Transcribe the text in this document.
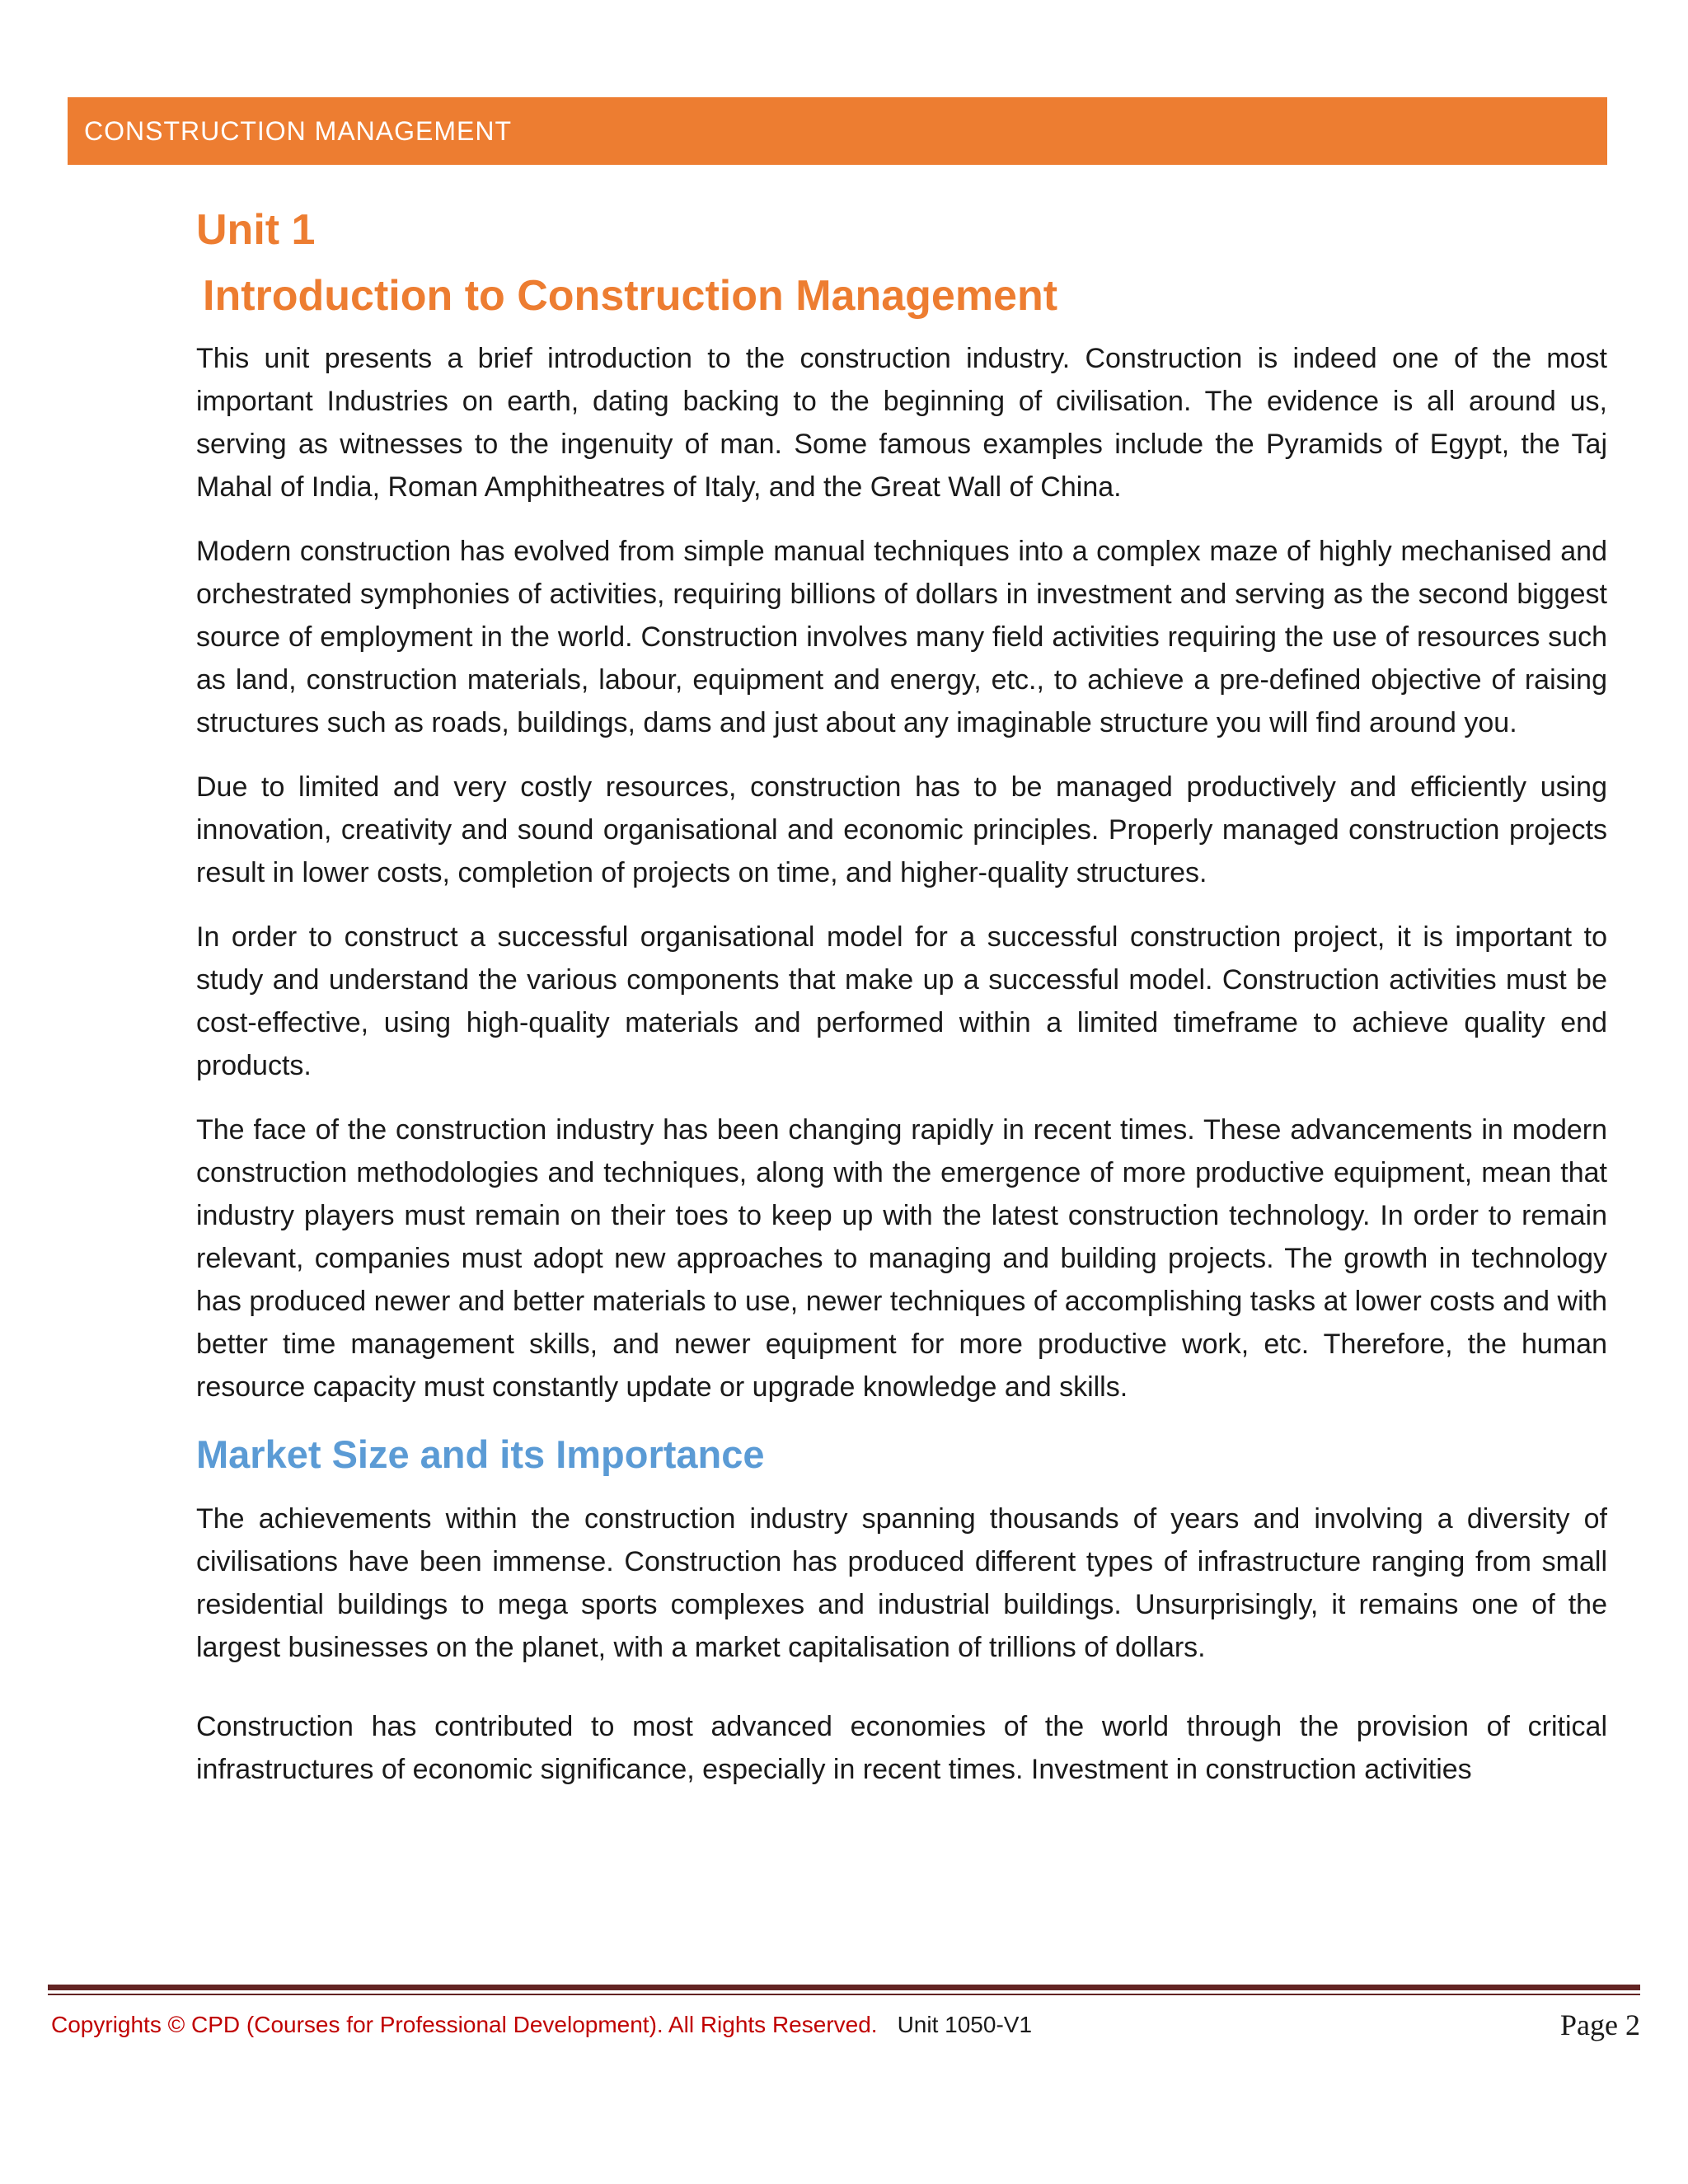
CONSTRUCTION MANAGEMENT
Unit 1
Introduction to Construction Management

This unit presents a brief introduction to the construction industry. Construction is indeed one of the most important Industries on earth, dating backing to the beginning of civilisation. The evidence is all around us, serving as witnesses to the ingenuity of man. Some famous examples include the Pyramids of Egypt, the Taj Mahal of India, Roman Amphitheatres of Italy, and the Great Wall of China.

Modern construction has evolved from simple manual techniques into a complex maze of highly mechanised and orchestrated symphonies of activities, requiring billions of dollars in investment and serving as the second biggest source of employment in the world. Construction involves many field activities requiring the use of resources such as land, construction materials, labour, equipment and energy, etc., to achieve a pre-defined objective of raising structures such as roads, buildings, dams and just about any imaginable structure you will find around you.

Due to limited and very costly resources, construction has to be managed productively and efficiently using innovation, creativity and sound organisational and economic principles. Properly managed construction projects result in lower costs, completion of projects on time, and higher-quality structures.

In order to construct a successful organisational model for a successful construction project, it is important to study and understand the various components that make up a successful model. Construction activities must be cost-effective, using high-quality materials and performed within a limited timeframe to achieve quality end products.

The face of the construction industry has been changing rapidly in recent times. These advancements in modern construction methodologies and techniques, along with the emergence of more productive equipment, mean that industry players must remain on their toes to keep up with the latest construction technology. In order to remain relevant, companies must adopt new approaches to managing and building projects. The growth in technology has produced newer and better materials to use, newer techniques of accomplishing tasks at lower costs and with better time management skills, and newer equipment for more productive work, etc. Therefore, the human resource capacity must constantly update or upgrade knowledge and skills.

Market Size and its Importance

The achievements within the construction industry spanning thousands of years and involving a diversity of civilisations have been immense. Construction has produced different types of infrastructure ranging from small residential buildings to mega sports complexes and industrial buildings. Unsurprisingly, it remains one of the largest businesses on the planet, with a market capitalisation of trillions of dollars.

Construction has contributed to most advanced economies of the world through the provision of critical infrastructures of economic significance, especially in recent times. Investment in construction activities

Copyrights © CPD (Courses for Professional Development). All Rights Reserved. Unit 1050-V1	Page 2
